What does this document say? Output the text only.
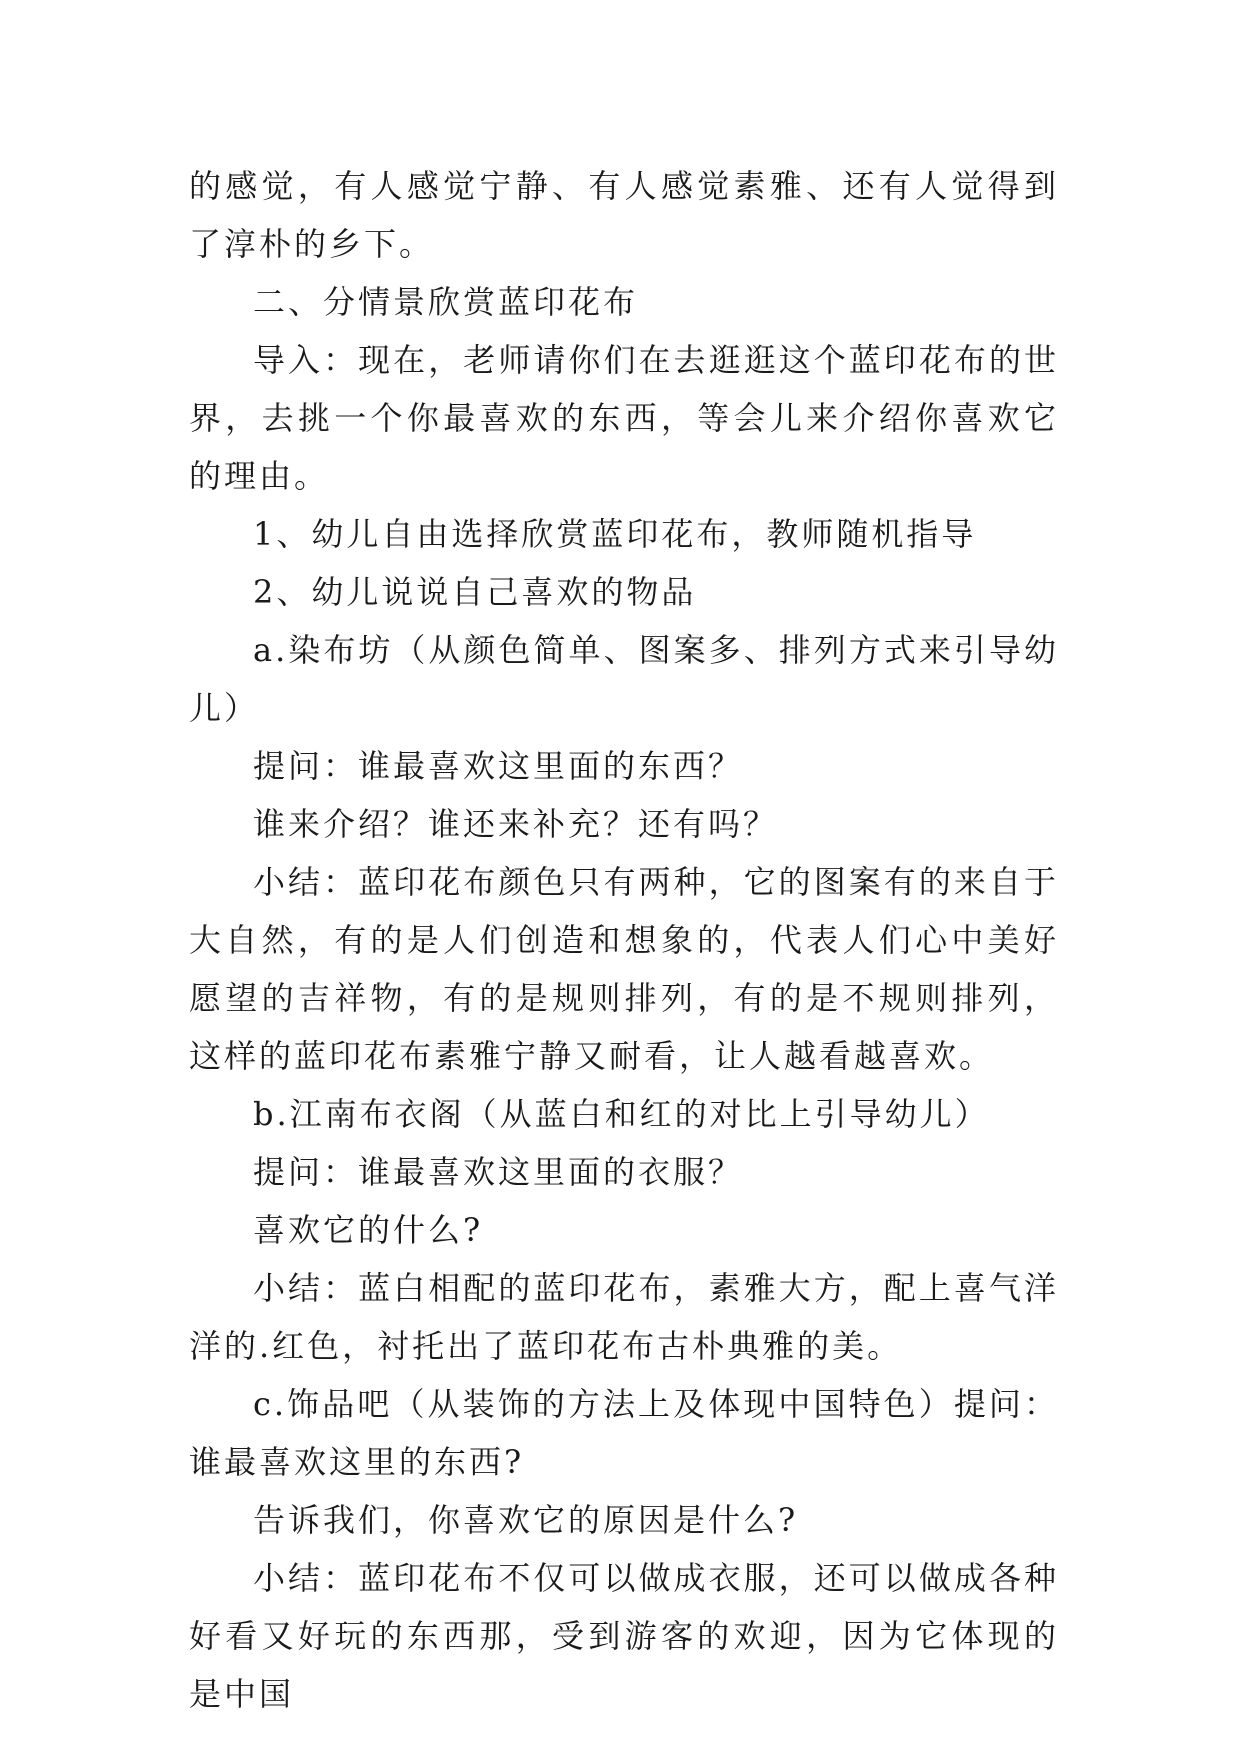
的感觉，有人感觉宁静、有人感觉素雅、还有人觉得到了淳朴的乡下。

二、分情景欣赏蓝印花布

导入：现在，老师请你们在去逛逛这个蓝印花布的世界，去挑一个你最喜欢的东西，等会儿来介绍你喜欢它的理由。

1、幼儿自由选择欣赏蓝印花布，教师随机指导

2、幼儿说说自己喜欢的物品

a.染布坊（从颜色简单、图案多、排列方式来引导幼儿）

提问：谁最喜欢这里面的东西？

谁来介绍？谁还来补充？还有吗？

小结：蓝印花布颜色只有两种，它的图案有的来自于大自然，有的是人们创造和想象的，代表人们心中美好愿望的吉祥物，有的是规则排列，有的是不规则排列，这样的蓝印花布素雅宁静又耐看，让人越看越喜欢。

b.江南布衣阁（从蓝白和红的对比上引导幼儿）

提问：谁最喜欢这里面的衣服？

喜欢它的什么?

小结：蓝白相配的蓝印花布，素雅大方，配上喜气洋洋的.红色，衬托出了蓝印花布古朴典雅的美。

c.饰品吧（从装饰的方法上及体现中国特色）提问：谁最喜欢这里的东西?

告诉我们，你喜欢它的原因是什么?

小结：蓝印花布不仅可以做成衣服，还可以做成各种好看又好玩的东西那，受到游客的欢迎，因为它体现的是中国
